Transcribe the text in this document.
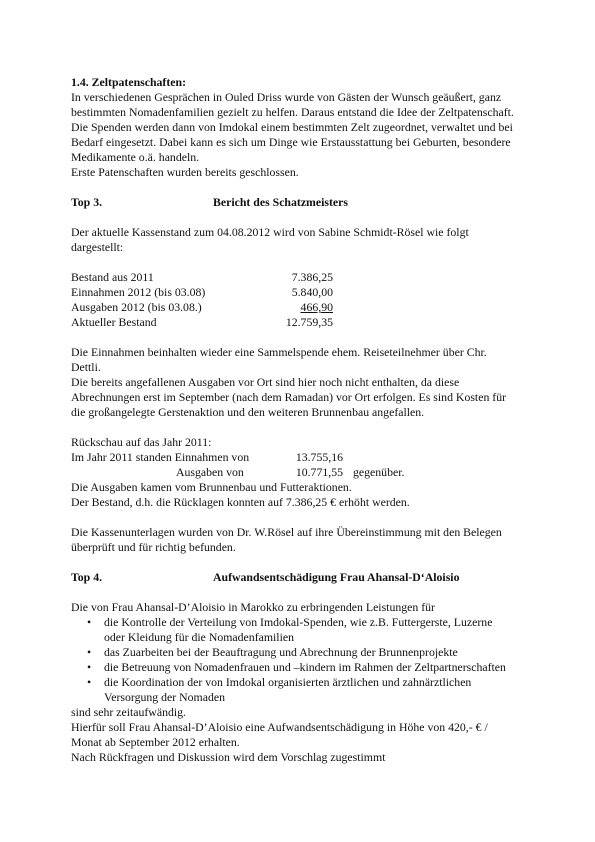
1.4. Zeltpatenschaften:
In verschiedenen Gesprächen in Ouled Driss wurde von Gästen der Wunsch geäußert, ganz
bestimmten Nomadenfamilien gezielt zu helfen. Daraus entstand die Idee der Zeltpatenschaft.
Die Spenden werden dann von Imdokal einem bestimmten Zelt zugeordnet, verwaltet und bei
Bedarf eingesetzt. Dabei kann es sich um Dinge wie Erstausstattung bei Geburten, besondere
Medikamente o.ä. handeln.
Erste Patenschaften wurden bereits geschlossen.
Top 3.	Bericht des Schatzmeisters
Der aktuelle Kassenstand zum 04.08.2012 wird von Sabine Schmidt-Rösel wie folgt
dargestellt:
Bestand aus 2011	7.386,25
Einnahmen 2012 (bis 03.08)	5.840,00
Ausgaben 2012 (bis 03.08.)	466,90
Aktueller Bestand	12.759,35
Die Einnahmen beinhalten wieder eine Sammelspende ehem. Reiseteilnehmer über Chr.
Dettli.
Die bereits angefallenen Ausgaben vor Ort sind hier noch nicht enthalten, da diese
Abrechnungen erst im September (nach dem Ramadan) vor Ort erfolgen. Es sind Kosten für
die großangelegte Gerstenaktion und den weiteren Brunnenbau angefallen.
Rückschau auf das Jahr 2011:
Im Jahr 2011 standen Einnahmen von	13.755,16
Ausgaben von	10.771,55 gegenüber.
Die Ausgaben kamen vom Brunnenbau und Futteraktionen.
Der Bestand, d.h. die Rücklagen konnten auf 7.386,25 € erhöht werden.
Die Kassenunterlagen wurden von Dr. W.Rösel auf ihre Übereinstimmung mit den Belegen
überprüft und für richtig befunden.
Top 4.	Aufwandsentschädigung Frau Ahansal-D‘Aloisio
Die von Frau Ahansal-D’Aloisio in Marokko zu erbringenden Leistungen für
• die Kontrolle der Verteilung von Imdokal-Spenden, wie z.B. Futtergerste, Luzerne
oder Kleidung für die Nomadenfamilien
• das Zuarbeiten bei der Beauftragung und Abrechnung der Brunnenprojekte
• die Betreuung von Nomadenfrauen und –kindern im Rahmen der Zeltpartnerschaften
• die Koordination der von Imdokal organisierten ärztlichen und zahnärztlichen
Versorgung der Nomaden
sind sehr zeitaufwändig.
Hierfür soll Frau Ahansal-D’Aloisio eine Aufwandsentschädigung in Höhe von 420,- € /
Monat ab September 2012 erhalten.
Nach Rückfragen und Diskussion wird dem Vorschlag zugestimmt
